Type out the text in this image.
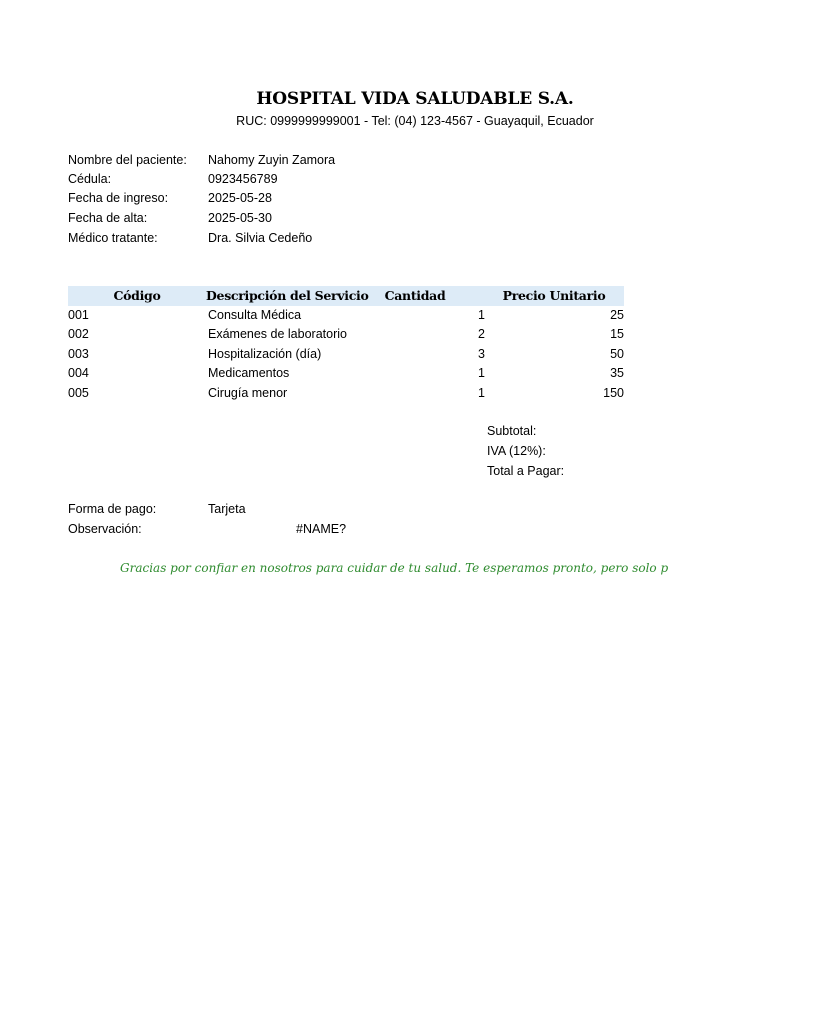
HOSPITAL VIDA SALUDABLE S.A.
RUC: 0999999999001 - Tel: (04) 123-4567 - Guayaquil, Ecuador
Nombre del paciente: Nahomy Zuyin Zamora
Cédula:	0923456789
Fecha de ingreso:	2025-05-28
Fecha de alta:	2025-05-30
Médico tratante:	Dra. Silvia Cedeño
Código	Descripción del Servicio	Cantidad	Precio Unitario
001	Consulta Médica	1	25
002	Exámenes de laboratorio	2	15
003	Hospitalización (día)	3	50
004	Medicamentos	1	35
005	Cirugía menor	1	150
Subtotal:
IVA (12%):
Total a Pagar:
Forma de pago:	Tarjeta
Observación:	#NAME?
Gracias por confiar en nosotros para cuidar de tu salud. Te esperamos pronto, pero solo p
